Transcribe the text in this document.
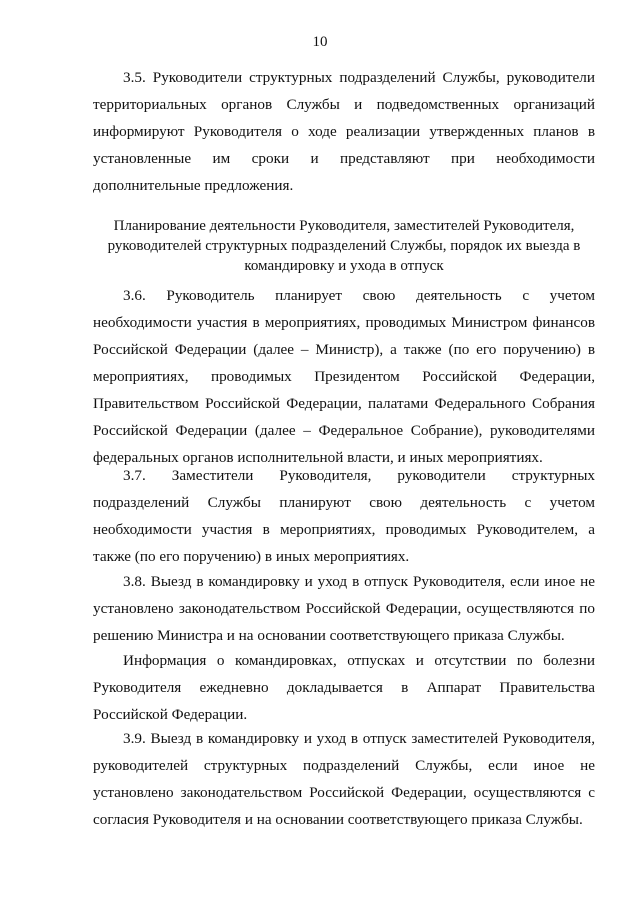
10

3.5. Руководители структурных подразделений Службы, руководители территориальных органов Службы и подведомственных организаций информируют Руководителя о ходе реализации утвержденных планов в установленные им сроки и представляют при необходимости дополнительные предложения.

Планирование деятельности Руководителя, заместителей Руководителя, руководителей структурных подразделений Службы, порядок их выезда в командировку и ухода в отпуск

3.6. Руководитель планирует свою деятельность с учетом необходимости участия в мероприятиях, проводимых Министром финансов Российской Федерации (далее – Министр), а также (по его поручению) в мероприятиях, проводимых Президентом Российской Федерации, Правительством Российской Федерации, палатами Федерального Собрания Российской Федерации (далее – Федеральное Собрание), руководителями федеральных органов исполнительной власти, и иных мероприятиях.

3.7. Заместители Руководителя, руководители структурных подразделений Службы планируют свою деятельность с учетом необходимости участия в мероприятиях, проводимых Руководителем, а также (по его поручению) в иных мероприятиях.

3.8. Выезд в командировку и уход в отпуск Руководителя, если иное не установлено законодательством Российской Федерации, осуществляются по решению Министра и на основании соответствующего приказа Службы.

Информация о командировках, отпусках и отсутствии по болезни Руководителя ежедневно докладывается в Аппарат Правительства Российской Федерации.

3.9. Выезд в командировку и уход в отпуск заместителей Руководителя, руководителей структурных подразделений Службы, если иное не установлено законодательством Российской Федерации, осуществляются с согласия Руководителя и на основании соответствующего приказа Службы.
